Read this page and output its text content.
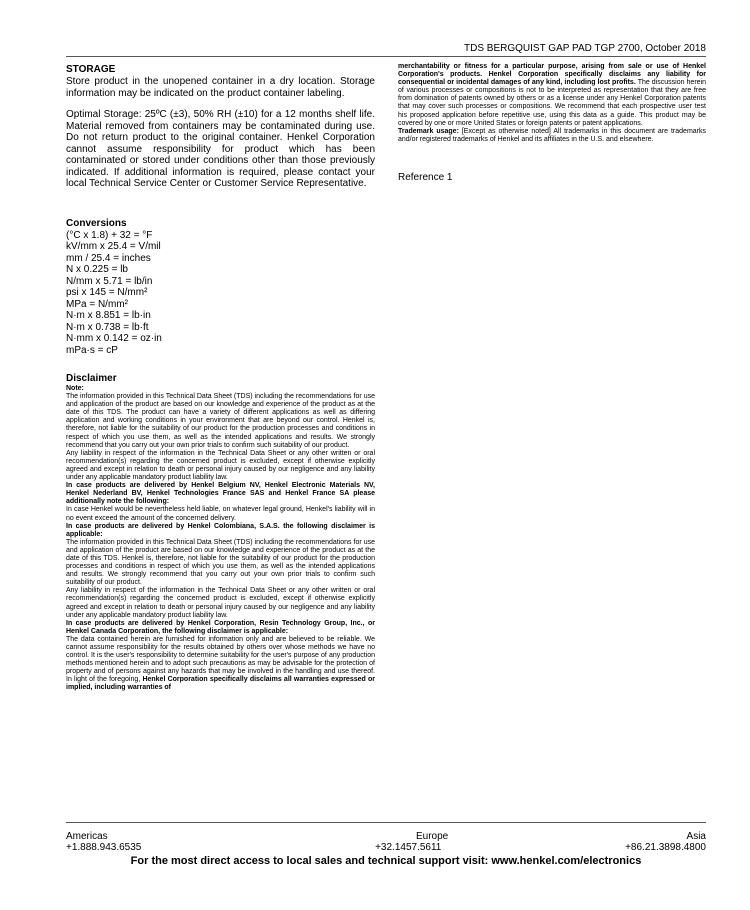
TDS BERGQUIST GAP PAD TGP 2700, October 2018

STORAGE

Store product in the unopened container in a dry location. Storage information may be indicated on the product container labeling.

Optimal Storage: 25ºC (±3), 50% RH (±10) for a 12 months shelf life. Material removed from containers may be contaminated during use. Do not return product to the original container. Henkel Corporation cannot assume responsibility for product which has been contaminated or stored under conditions other than those previously indicated. If additional information is required, please contact your local Technical Service Center or Customer Service Representative.

Conversions

(°C x 1.8) + 32 = °F

kV/mm x 25.4 = V/mil

mm / 25.4 = inches

N x 0.225 = lb

N/mm x 5.71 = lb/in

psi x 145 = N/mm²

MPa = N/mm²

N·m x 8.851 = lb·in

N·m x 0.738 = lb·ft

N·mm x 0.142 = oz·in

mPa·s = cP

Disclaimer

Note:

The information provided in this Technical Data Sheet (TDS) including the recommendations for use and application of the product are based on our knowledge and experience of the product as at the date of this TDS. The product can have a variety of different applications as well as differing application and working conditions in your environment that are beyond our control. Henkel is, therefore, not liable for the suitability of our product for the production processes and conditions in respect of which you use them, as well as the intended applications and results. We strongly recommend that you carry out your own prior trials to confirm such suitability of our product.

Any liability in respect of the information in the Technical Data Sheet or any other written or oral recommendation(s) regarding the concerned product is excluded, except if otherwise explicitly agreed and except in relation to death or personal injury caused by our negligence and any liability under any applicable mandatory product liability law.

In case products are delivered by Henkel Belgium NV, Henkel Electronic Materials NV, Henkel Nederland BV, Henkel Technologies France SAS and Henkel France SA please additionally note the following:

In case Henkel would be nevertheless held liable, on whatever legal ground, Henkel's liability will in no event exceed the amount of the concerned delivery.

In case products are delivered by Henkel Colombiana, S.A.S. the following disclaimer is applicable:

The information provided in this Technical Data Sheet (TDS) including the recommendations for use and application of the product are based on our knowledge and experience of the product as at the date of this TDS. Henkel is, therefore, not liable for the suitability of our product for the production processes and conditions in respect of which you use them, as well as the intended applications and results. We strongly recommend that you carry out your own prior trials to confirm such suitability of our product.

Any liability in respect of the information in the Technical Data Sheet or any other written or oral recommendation(s) regarding the concerned product is excluded, except if otherwise explicitly agreed and except in relation to death or personal injury caused by our negligence and any liability under any applicable mandatory product liability law.

In case products are delivered by Henkel Corporation, Resin Technology Group, Inc., or Henkel Canada Corporation, the following disclaimer is applicable:

The data contained herein are furnished for information only and are believed to be reliable. We cannot assume responsibility for the results obtained by others over whose methods we have no control. It is the user's responsibility to determine suitability for the user's purpose of any production methods mentioned herein and to adopt such precautions as may be advisable for the protection of property and of persons against any hazards that may be involved in the handling and use thereof. In light of the foregoing, Henkel Corporation specifically disclaims all warranties expressed or implied, including warranties of

merchantability or fitness for a particular purpose, arising from sale or use of Henkel Corporation's products. Henkel Corporation specifically disclaims any liability for consequential or incidental damages of any kind, including lost profits. The discussion herein of various processes or compositions is not to be interpreted as representation that they are free from domination of patents owned by others or as a license under any Henkel Corporation patents that may cover such processes or compositions. We recommend that each prospective user test his proposed application before repetitive use, using this data as a guide. This product may be covered by one or more United States or foreign patents or patent applications.

Trademark usage: [Except as otherwise noted] All trademarks in this document are trademarks and/or registered trademarks of Henkel and its affiliates in the U.S. and elsewhere.

Reference 1

Americas	Europe	Asia
+1.888.943.6535	+32.1457.5611	+86.21.3898.4800
For the most direct access to local sales and technical support visit: www.henkel.com/electronics
